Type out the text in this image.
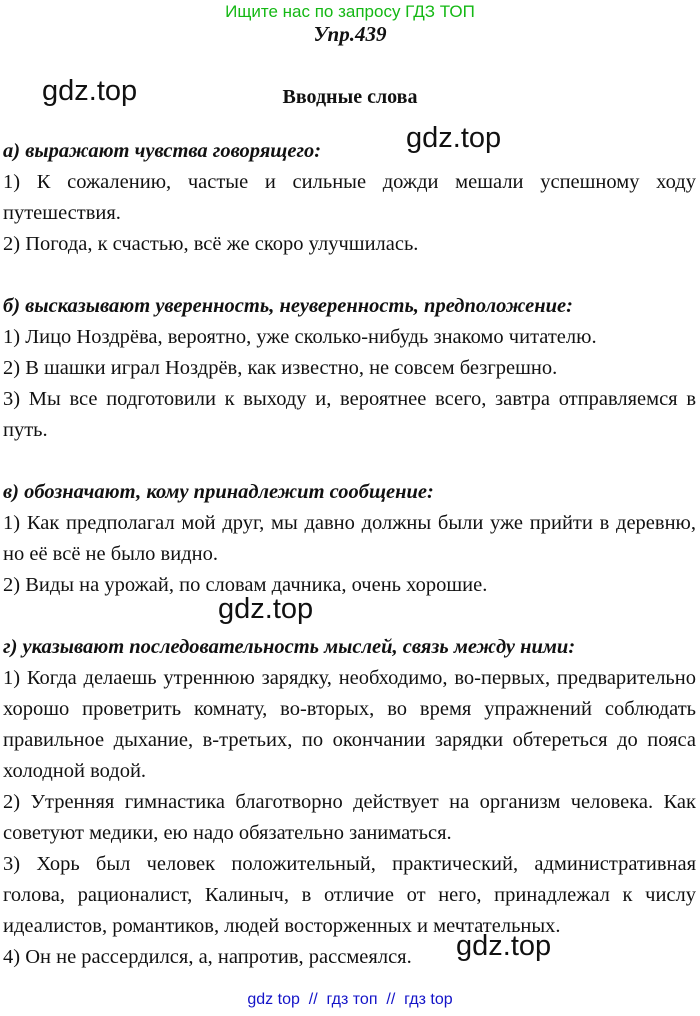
Ищите нас по запросу ГДЗ ТОП
Упр.439
Вводные слова
gdz.top
gdz.top
gdz.top
gdz.top

а) выражают чувства говорящего:

1) К сожалению, частые и сильные дожди мешали успешному ходу путешествия.

2) Погода, к счастью, всё же скоро улучшилась.

б) высказывают уверенность, неуверенность, предположение:

1) Лицо Ноздрёва, вероятно, уже сколько-нибудь знакомо читателю.

2) В шашки играл Ноздрёв, как известно, не совсем безгрешно.

3) Мы все подготовили к выходу и, вероятнее всего, завтра отправляемся в путь.

в) обозначают, кому принадлежит сообщение:

1) Как предполагал мой друг, мы давно должны были уже прийти в деревню, но её всё не было видно.

2) Виды на урожай, по словам дачника, очень хорошие.

г) указывают последовательность мыслей, связь между ними:

1) Когда делаешь утреннюю зарядку, необходимо, во-первых, предварительно хорошо проветрить комнату, во-вторых, во время упражнений соблюдать правильное дыхание, в-третьих, по окончании зарядки обтереться до пояса холодной водой.

2) Утренняя гимнастика благотворно действует на организм человека. Как советуют медики, ею надо обязательно заниматься.

3) Хорь был человек положительный, практический, административная голова, рационалист, Калиныч, в отличие от него, принадлежал к числу идеалистов, романтиков, людей восторженных и мечтательных.

4) Он не рассердился, а, напротив, рассмеялся.

gdz top  //  гдз топ  //  гдз top
